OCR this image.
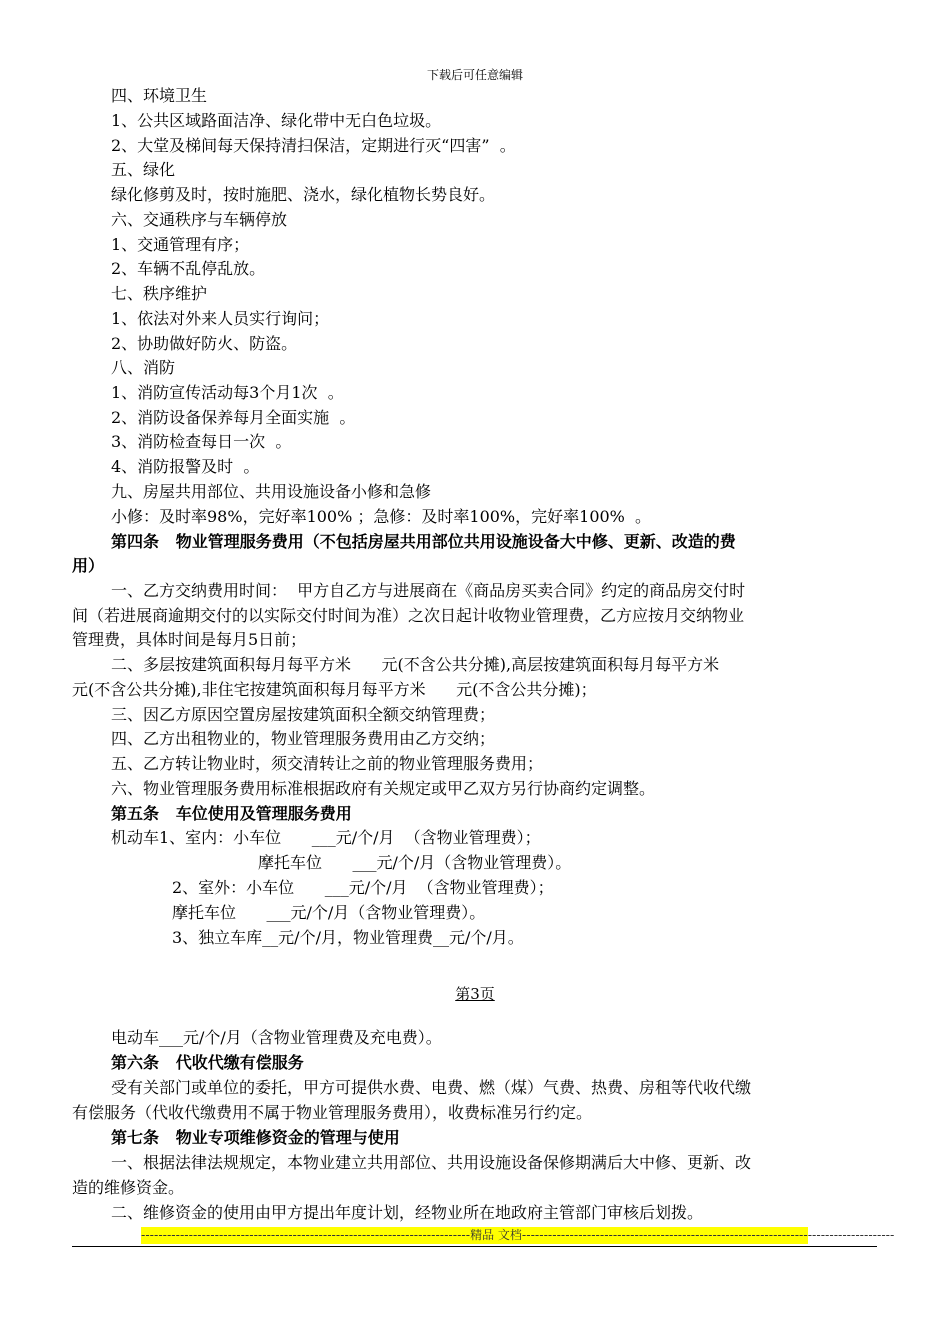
下载后可任意编辑
四、环境卫生
1、公共区域路面洁净、绿化带中无白色垃圾。
2、大堂及梯间每天保持清扫保洁，定期进行灭“四害”  。
五、绿化
绿化修剪及时，按时施肥、浇水，绿化植物长势良好。
六、交通秩序与车辆停放
1、交通管理有序；
2、车辆不乱停乱放。
七、秩序维护
1、依法对外来人员实行询问；
2、协助做好防火、防盗。
八、消防
1、消防宣传活动每3个月1次  。
2、消防设备保养每月全面实施  。
3、消防检查每日一次  。
4、消防报警及时  。
九、房屋共用部位、共用设施设备小修和急修
小修：及时率98%，完好率100% ；急修：及时率100%，完好率100%  。
第四条   物业管理服务费用（不包括房屋共用部位共用设施设备大中修、更新、改造的费
用）
一、乙方交纳费用时间：  甲方自乙方与进展商在《商品房买卖合同》约定的商品房交付时
间（若进展商逾期交付的以实际交付时间为准）之次日起计收物业管理费，乙方应按月交纳物业
管理费，具体时间是每月5日前；
二、多层按建筑面积每月每平方米      元(不含公共分摊),高层按建筑面积每月每平方米
元(不含公共分摊),非住宅按建筑面积每月每平方米      元(不含公共分摊)；
三、因乙方原因空置房屋按建筑面积全额交纳管理费；
四、乙方出租物业的，物业管理服务费用由乙方交纳；
五、乙方转让物业时，须交清转让之前的物业管理服务费用；
六、物业管理服务费用标准根据政府有关规定或甲乙双方另行协商约定调整。
第五条   车位使用及管理服务费用
机动车1、室内：小车位      ___元/个/月  （含物业管理费）；
摩托车位      ___元/个/月（含物业管理费）。
2、室外：小车位      ___元/个/月  （含物业管理费）；
摩托车位      ___元/个/月（含物业管理费）。
3、独立车库__元/个/月，物业管理费__元/个/月。
第3页
电动车___元/个/月（含物业管理费及充电费）。
第六条   代收代缴有偿服务
受有关部门或单位的委托，甲方可提供水费、电费、燃（煤）气费、热费、房租等代收代缴
有偿服务（代收代缴费用不属于物业管理服务费用），收费标准另行约定。
第七条   物业专项维修资金的管理与使用
一、根据法律法规规定，本物业建立共用部位、共用设施设备保修期满后大中修、更新、改
造的维修资金。
二、维修资金的使用由甲方提出年度计划，经物业所在地政府主管部门审核后划拨。
----------------------------------------------------------------------------精品 文档--------------------------------------------------------------------------------------
